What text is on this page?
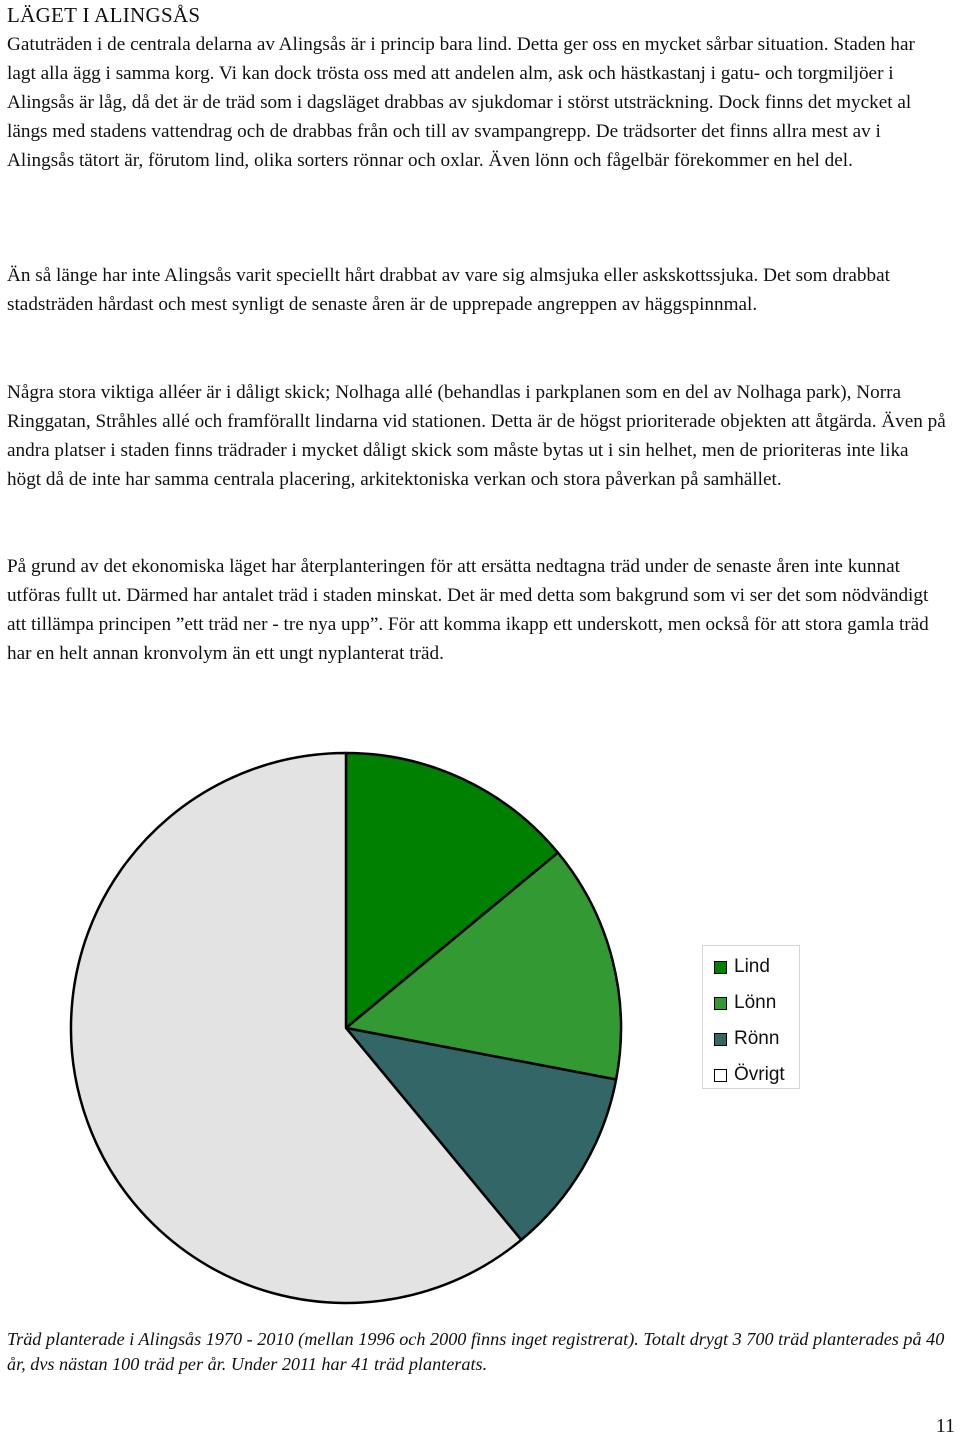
LÄGET I ALINGSÅS

Gatuträden i de centrala delarna av Alingsås är i princip bara lind. Detta ger oss en mycket sårbar situation. Staden har lagt alla ägg i samma korg. Vi kan dock trösta oss med att andelen alm, ask och hästkastanj i gatu- och torgmiljöer i Alingsås är låg, då det är de träd som i dagsläget drabbas av sjukdomar i störst utsträckning. Dock finns det mycket al längs med stadens vattendrag och de drabbas från och till av svampangrepp. De trädsorter det finns allra mest av i Alingsås tätort är, förutom lind, olika sorters rönnar och oxlar. Även lönn och fågelbär förekommer en hel del.

Än så länge har inte Alingsås varit speciellt hårt drabbat av vare sig almsjuka eller askskottssjuka. Det som drabbat stadsträden hårdast och mest synligt de senaste åren är de upprepade angreppen av häggspinnmal.

Några stora viktiga alléer är i dåligt skick; Nolhaga allé (behandlas i parkplanen som en del av Nolhaga park), Norra Ringgatan, Stråhles allé och framförallt lindarna vid stationen. Detta är de högst prioriterade objekten att åtgärda. Även på andra platser i staden finns trädrader i mycket dåligt skick som måste bytas ut i sin helhet, men de prioriteras inte lika högt då de inte har samma centrala placering, arkitektoniska verkan och stora påverkan på samhället.

På grund av det ekonomiska läget har återplanteringen för att ersätta nedtagna träd under de senaste åren inte kunnat utföras fullt ut. Därmed har antalet träd i staden minskat. Det är med detta som bakgrund som vi ser det som nödvändigt att tillämpa principen ”ett träd ner - tre nya upp”. För att komma ikapp ett underskott, men också för att stora gamla träd har en helt annan kronvolym än ett ungt nyplanterat träd.

Lind
Lönn
Rönn
Övrigt

Träd planterade i Alingsås 1970 - 2010 (mellan 1996 och 2000 finns inget registrerat). Totalt drygt 3 700 träd planterades på 40 år, dvs nästan 100 träd per år. Under 2011 har 41 träd planterats.

11
